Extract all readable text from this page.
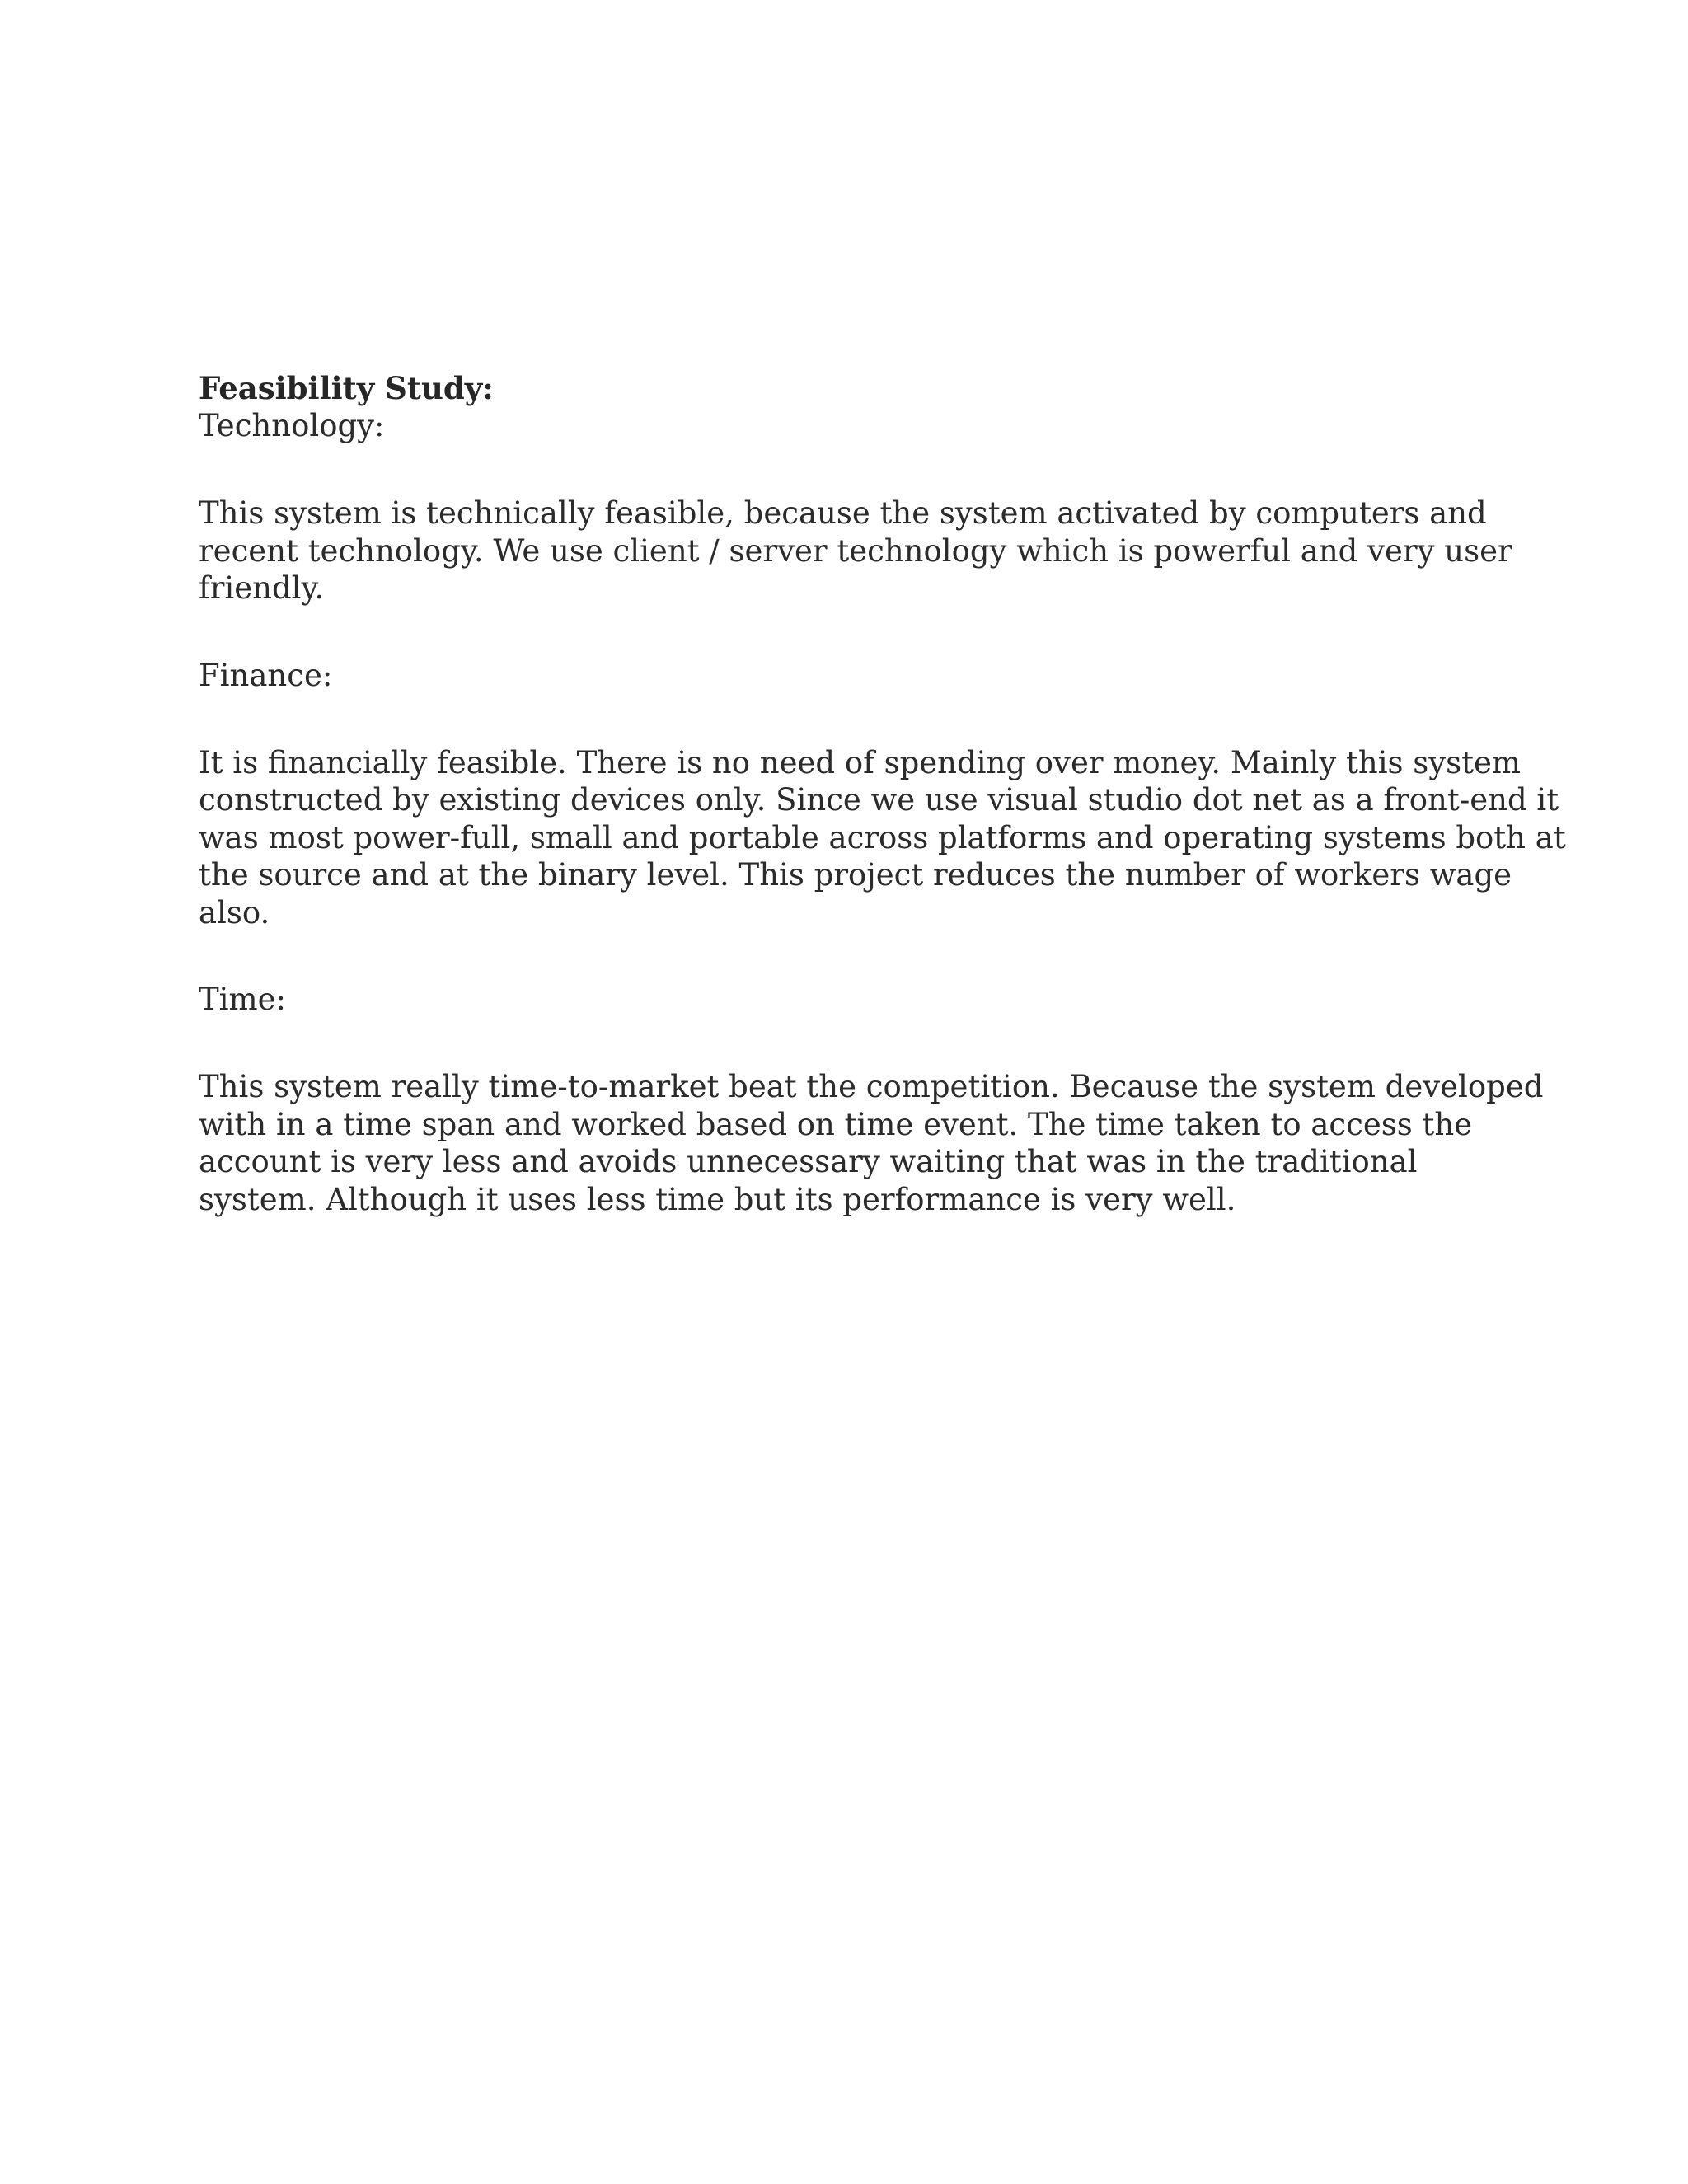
Feasibility Study:
Technology:

This system is technically feasible, because the system activated by computers and
recent technology. We use client / server technology which is powerful and very user
friendly.

Finance:

It is financially feasible. There is no need of spending over money. Mainly this system
constructed by existing devices only. Since we use visual studio dot net as a front-end it
was most power-full, small and portable across platforms and operating systems both at
the source and at the binary level. This project reduces the number of workers wage
also.

Time:

This system really time-to-market beat the competition. Because the system developed
with in a time span and worked based on time event. The time taken to access the
account is very less and avoids unnecessary waiting that was in the traditional
system. Although it uses less time but its performance is very well.
